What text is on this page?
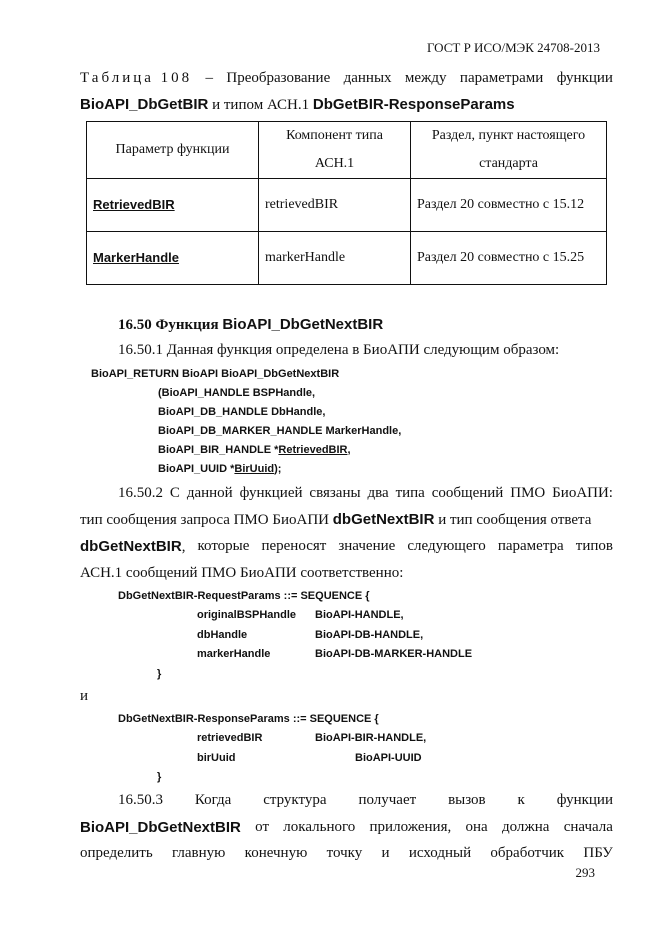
ГОСТ Р ИСО/МЭК 24708-2013
Таблица 108 – Преобразование данных между параметрами функции
BioAPI_DbGetBIR и типом АСН.1 DbGetBIR-ResponseParams
Параметр функции	Компонент типа АСН.1	Раздел, пункт настоящего стандарта
RetrievedBIR	retrievedBIR	Раздел 20 совместно с 15.12
MarkerHandle	markerHandle	Раздел 20 совместно с 15.25
16.50 Функция BioAPI_DbGetNextBIR
16.50.1 Данная функция определена в БиоАПИ следующим образом:
BioAPI_RETURN BioAPI BioAPI_DbGetNextBIR
(BioAPI_HANDLE BSPHandle,
BioAPI_DB_HANDLE DbHandle,
BioAPI_DB_MARKER_HANDLE MarkerHandle,
BioAPI_BIR_HANDLE *RetrievedBIR,
BioAPI_UUID *BirUuid);
16.50.2 С данной функцией связаны два типа сообщений ПМО БиоАПИ:
тип сообщения запроса ПМО БиоАПИ dbGetNextBIR и тип сообщения ответа
dbGetNextBIR, которые переносят значение следующего параметра типов
АСН.1 сообщений ПМО БиоАПИ соответственно:
DbGetNextBIR-RequestParams ::= SEQUENCE {
originalBSPHandle BioAPI-HANDLE,
dbHandle	BioAPI-DB-HANDLE,
markerHandle	BioAPI-DB-MARKER-HANDLE
}
и
DbGetNextBIR-ResponseParams ::= SEQUENCE {
retrievedBIR	BioAPI-BIR-HANDLE,
birUuid	BioAPI-UUID
}
16.50.3 Когда структура получает вызов к функции
BioAPI_DbGetNextBIR от локального приложения, она должна сначала
определить главную конечную точку и исходный обработчик ПБУ
293
